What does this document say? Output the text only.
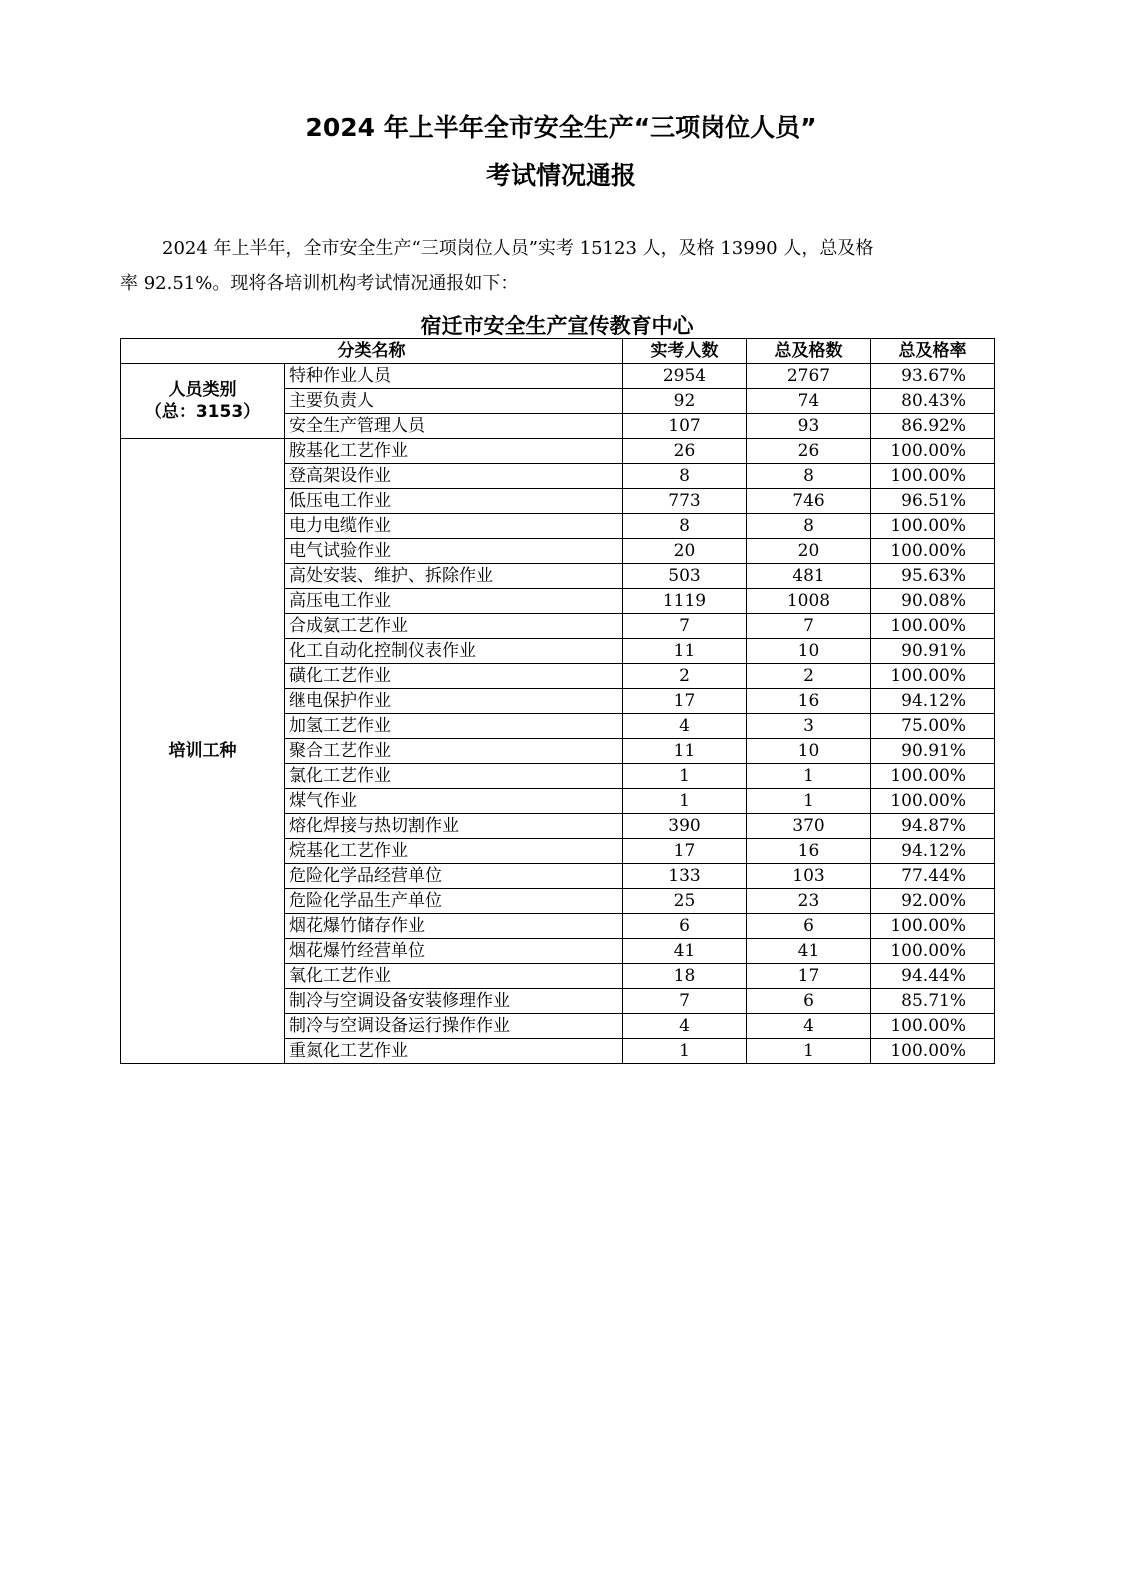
2024 年上半年全市安全生产“三项岗位人员”
考试情况通报
2024 年上半年，全市安全生产“三项岗位人员”实考 15123 人，及格 13990 人，总及格
率 92.51%。现将各培训机构考试情况通报如下：
宿迁市安全生产宣传教育中心
分类名称		实考人数	总及格数	总及格率

人员类别
（总：3153）	特种作业人员	2954	2767	93.67%
	主要负责人	92	74	80.43%
	安全生产管理人员	107	93	86.92%

培训工种	胺基化工艺作业	26	26	100.00%
	登高架设作业	8	8	100.00%
	低压电工作业	773	746	96.51%
	电力电缆作业	8	8	100.00%
	电气试验作业	20	20	100.00%
	高处安装、维护、拆除作业	503	481	95.63%
	高压电工作业	1119	1008	90.08%
	合成氨工艺作业	7	7	100.00%
	化工自动化控制仪表作业	11	10	90.91%
	磺化工艺作业	2	2	100.00%
	继电保护作业	17	16	94.12%
	加氢工艺作业	4	3	75.00%
	聚合工艺作业	11	10	90.91%
	氯化工艺作业	1	1	100.00%
	煤气作业	1	1	100.00%
	熔化焊接与热切割作业	390	370	94.87%
	烷基化工艺作业	17	16	94.12%
	危险化学品经营单位	133	103	77.44%
	危险化学品生产单位	25	23	92.00%
	烟花爆竹储存作业	6	6	100.00%
	烟花爆竹经营单位	41	41	100.00%
	氧化工艺作业	18	17	94.44%
	制冷与空调设备安装修理作业	7	6	85.71%
	制冷与空调设备运行操作作业	4	4	100.00%
	重氮化工艺作业	1	1	100.00%
